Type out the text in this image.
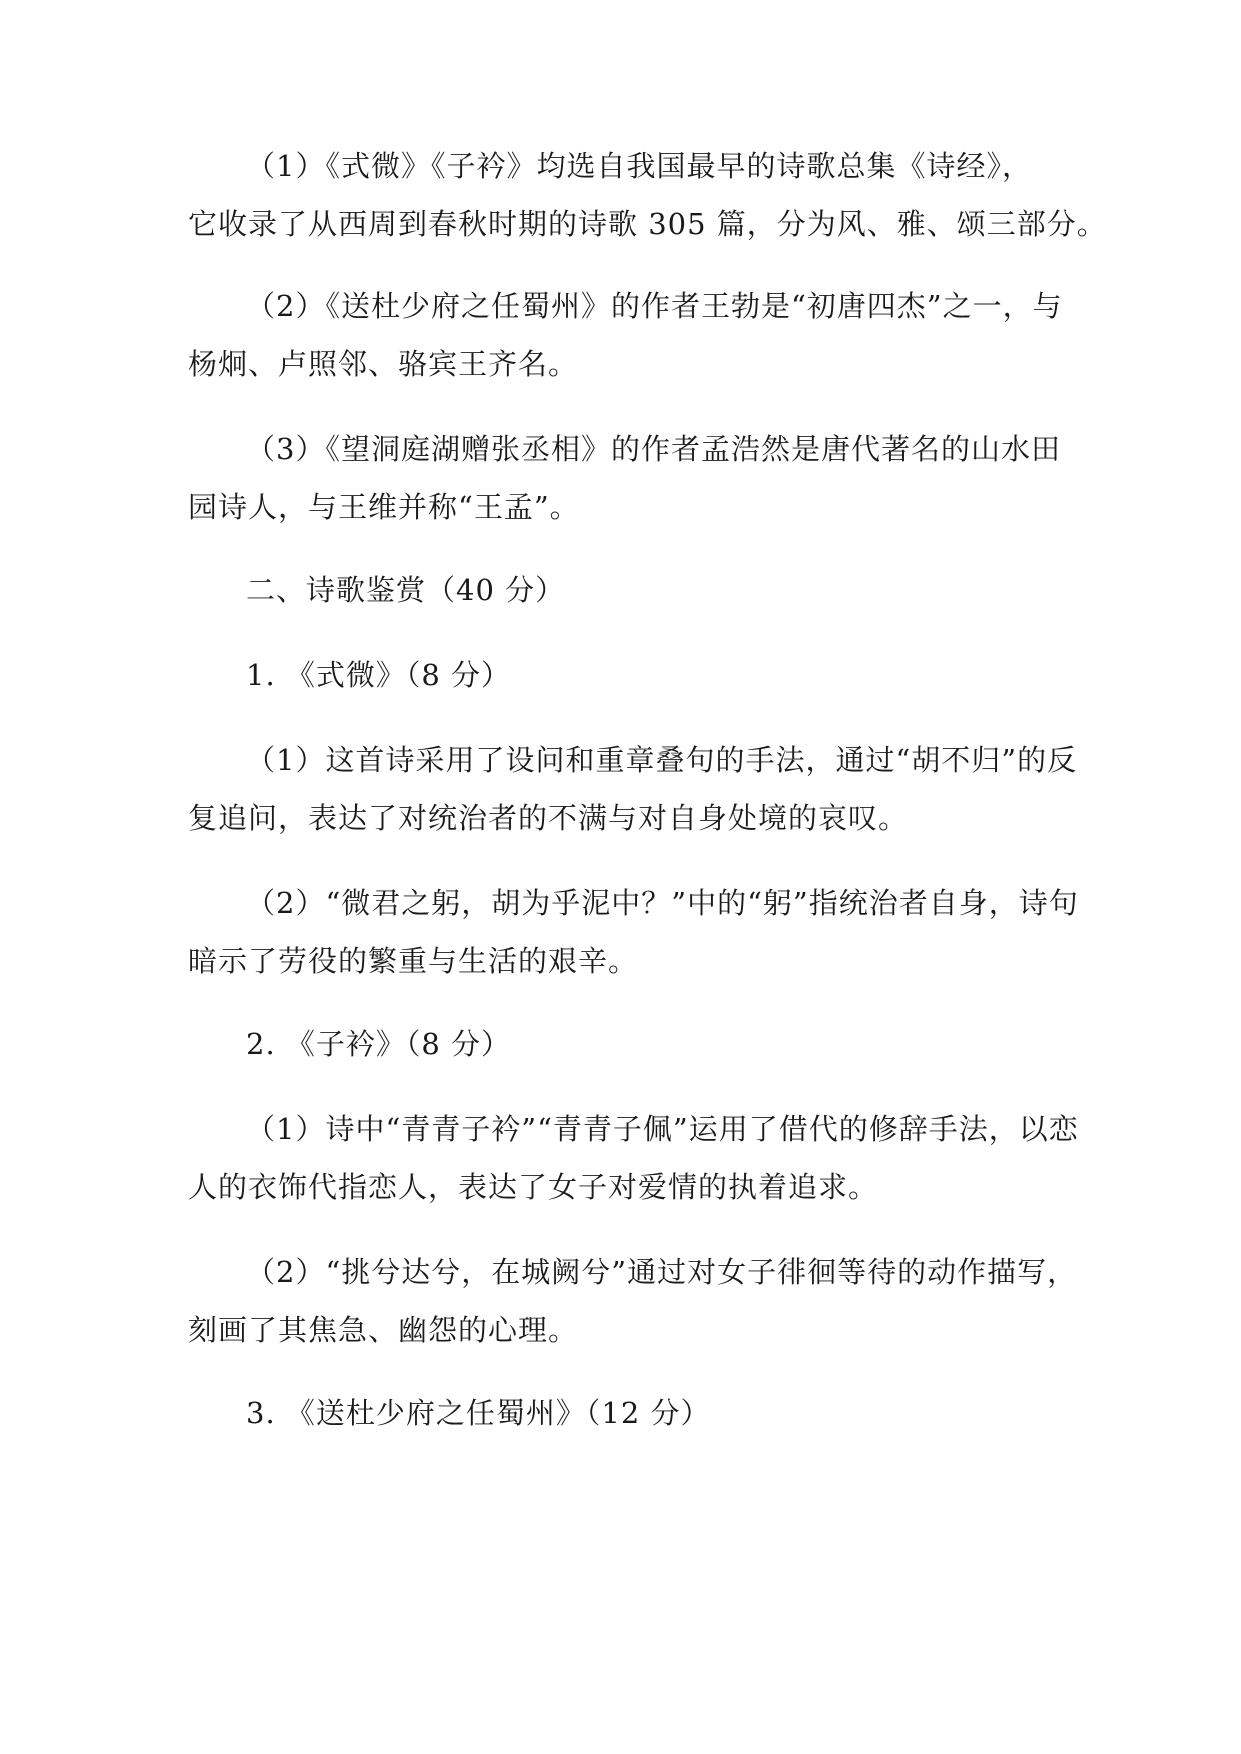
（1）《式微》《子衿》均选自我国最早的诗歌总集《诗经》，
它收录了从西周到春秋时期的诗歌 305 篇，分为风、雅、颂三部分。
（2）《送杜少府之任蜀州》的作者王勃是“初唐四杰”之一，与
杨炯、卢照邻、骆宾王齐名。
（3）《望洞庭湖赠张丞相》的作者孟浩然是唐代著名的山水田
园诗人，与王维并称“王孟”。
二、诗歌鉴赏（40 分）
1. 《式微》（8 分）
（1）这首诗采用了设问和重章叠句的手法，通过“胡不归”的反
复追问，表达了对统治者的不满与对自身处境的哀叹。
（2）“微君之躬，胡为乎泥中？”中的“躬”指统治者自身，诗句
暗示了劳役的繁重与生活的艰辛。
2. 《子衿》（8 分）
（1）诗中“青青子衿”“青青子佩”运用了借代的修辞手法，以恋
人的衣饰代指恋人，表达了女子对爱情的执着追求。
（2）“挑兮达兮，在城阙兮”通过对女子徘徊等待的动作描写，
刻画了其焦急、幽怨的心理。
3. 《送杜少府之任蜀州》（12 分）
